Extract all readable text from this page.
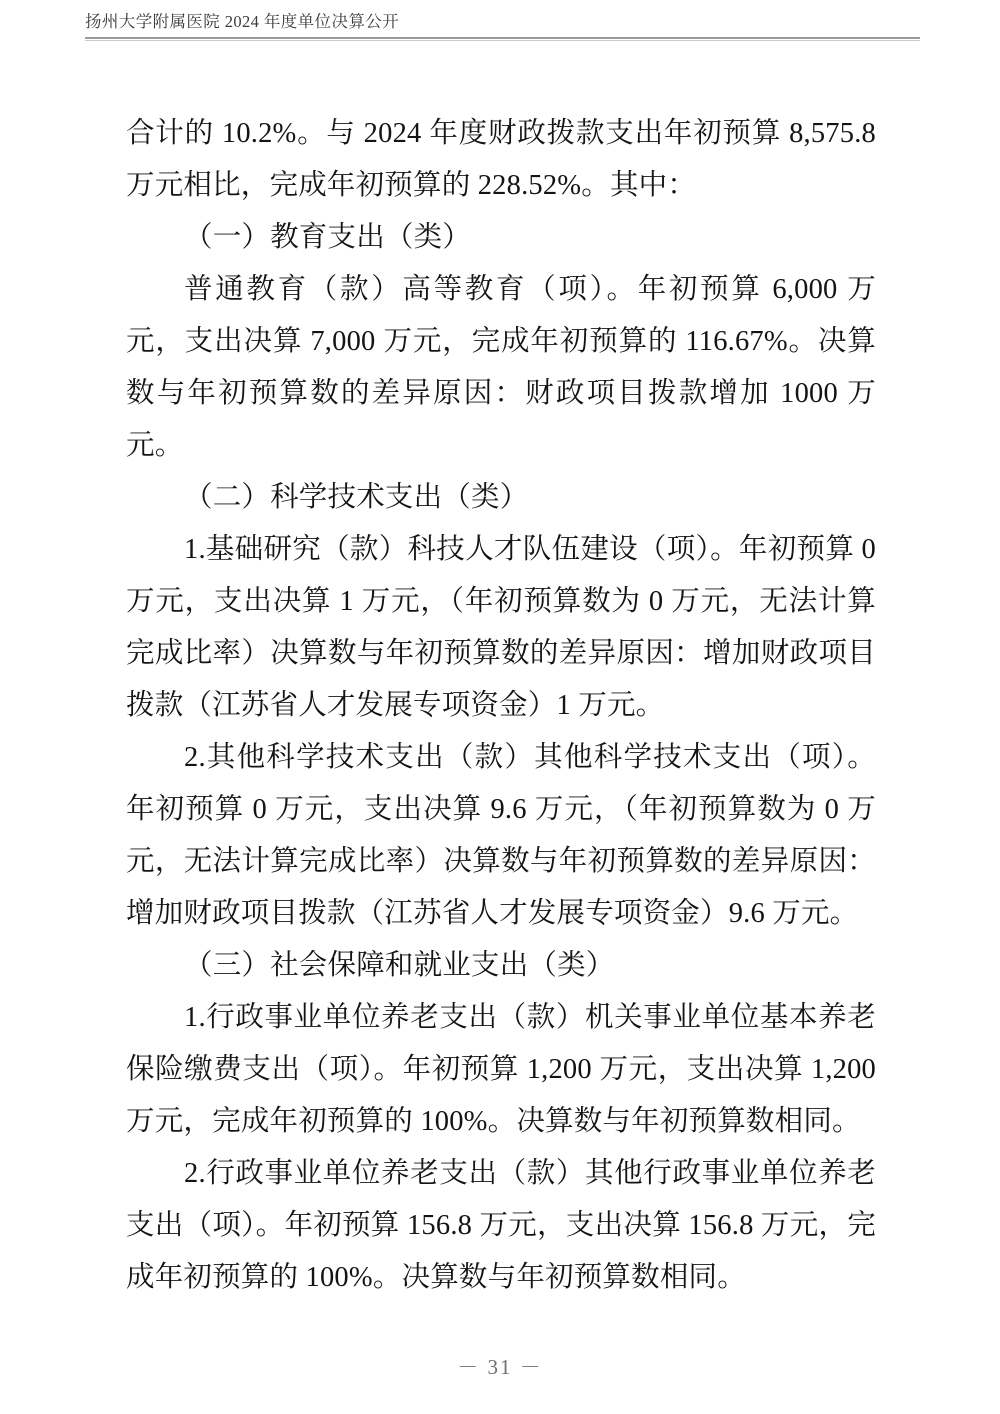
扬州大学附属医院 2024 年度单位决算公开

合计的 10.2%。与 2024 年度财政拨款支出年初预算 8,575.8 万元相比，完成年初预算的 228.52%。其中：

（一）教育支出（类）

普通教育（款）高等教育（项）。年初预算 6,000 万元，支出决算 7,000 万元，完成年初预算的 116.67%。决算数与年初预算数的差异原因：财政项目拨款增加 1000 万元。

（二）科学技术支出（类）

1.基础研究（款）科技人才队伍建设（项）。年初预算 0 万元，支出决算 1 万元，（年初预算数为 0 万元，无法计算完成比率）决算数与年初预算数的差异原因：增加财政项目拨款（江苏省人才发展专项资金）1 万元。

2.其他科学技术支出（款）其他科学技术支出（项）。年初预算 0 万元，支出决算 9.6 万元，（年初预算数为 0 万元，无法计算完成比率）决算数与年初预算数的差异原因：增加财政项目拨款（江苏省人才发展专项资金）9.6 万元。

（三）社会保障和就业支出（类）

1.行政事业单位养老支出（款）机关事业单位基本养老保险缴费支出（项）。年初预算 1,200 万元，支出决算 1,200 万元，完成年初预算的 100%。决算数与年初预算数相同。

2.行政事业单位养老支出（款）其他行政事业单位养老支出（项）。年初预算 156.8 万元，支出决算 156.8 万元，完成年初预算的 100%。决算数与年初预算数相同。

－ 31 －
